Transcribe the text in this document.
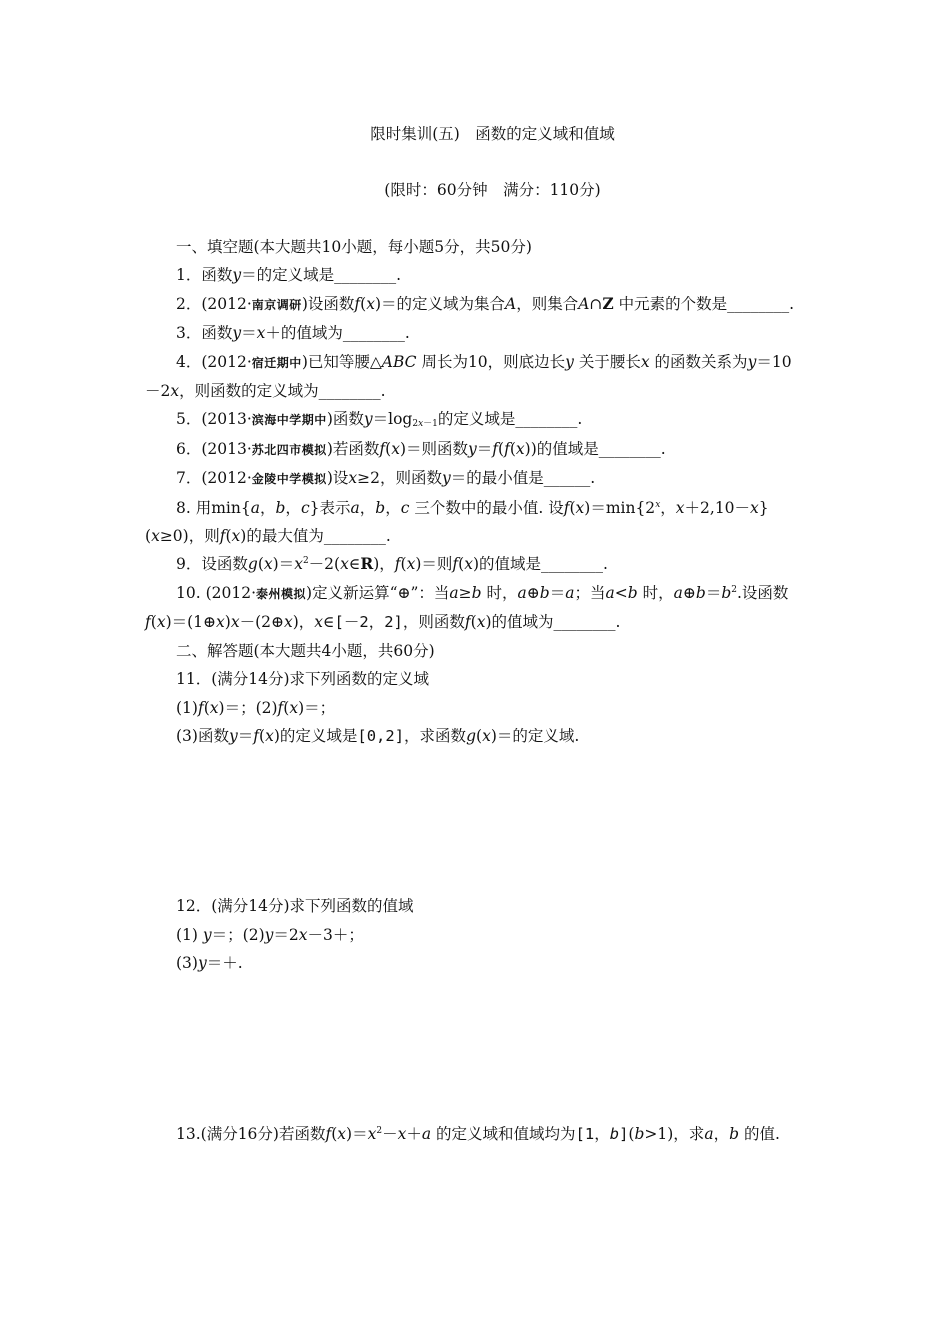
限时集训(五)　函数的定义域和值域
(限时：60分钟　满分：110分)

一、填空题(本大题共10小题，每小题5分，共50分)

1．函数y＝的定义域是________.

2．(2012·南京调研)设函数f(x)＝的定义域为集合A，则集合A∩Z 中元素的个数是________.

3．函数y＝x＋的值域为________.

4．(2012·宿迁期中)已知等腰△ABC 周长为10，则底边长y 关于腰长x 的函数关系为y＝10－2x，则函数的定义域为________.

5．(2013·滨海中学期中)函数$y=\log_{2x-1}$的定义域是________.

6．(2013·苏北四市模拟)若函数f(x)＝则函数y＝f(f(x))的值域是________.

7．(2012·金陵中学模拟)设x≥2，则函数y＝的最小值是______.

8. 用min{a，b，c}表示a，b，c 三个数中的最小值. 设$f(x)=\min\{2^x$，x＋2,10－x}(x≥0)，则f(x)的最大值为________.

9．设函数$g(x)=x^2-2(x\in R)$，f(x)＝则f(x)的值域是________.

10. (2012·泰州模拟)定义新运算“⊕”：当a≥b 时，a⊕b＝a；当a<b 时，$a\oplus b=b^2$.设函数f(x)＝(1⊕x)x－(2⊕x)，x∈[－2，2]，则函数f(x)的值域为________.

二、解答题(本大题共4小题，共60分)

11．(满分14分)求下列函数的定义域

(1)f(x)＝；(2)f(x)＝；

(3)函数y＝f(x)的定义域是[0,2]，求函数g(x)＝的定义域.

12．(满分14分)求下列函数的值域

(1) y＝；(2)y＝2x－3＋；

(3)y＝＋.

13.(满分16分)若函数$f(x)=x^2-x+a$ 的定义域和值域均为[1，b](b>1)，求a，b 的值.
